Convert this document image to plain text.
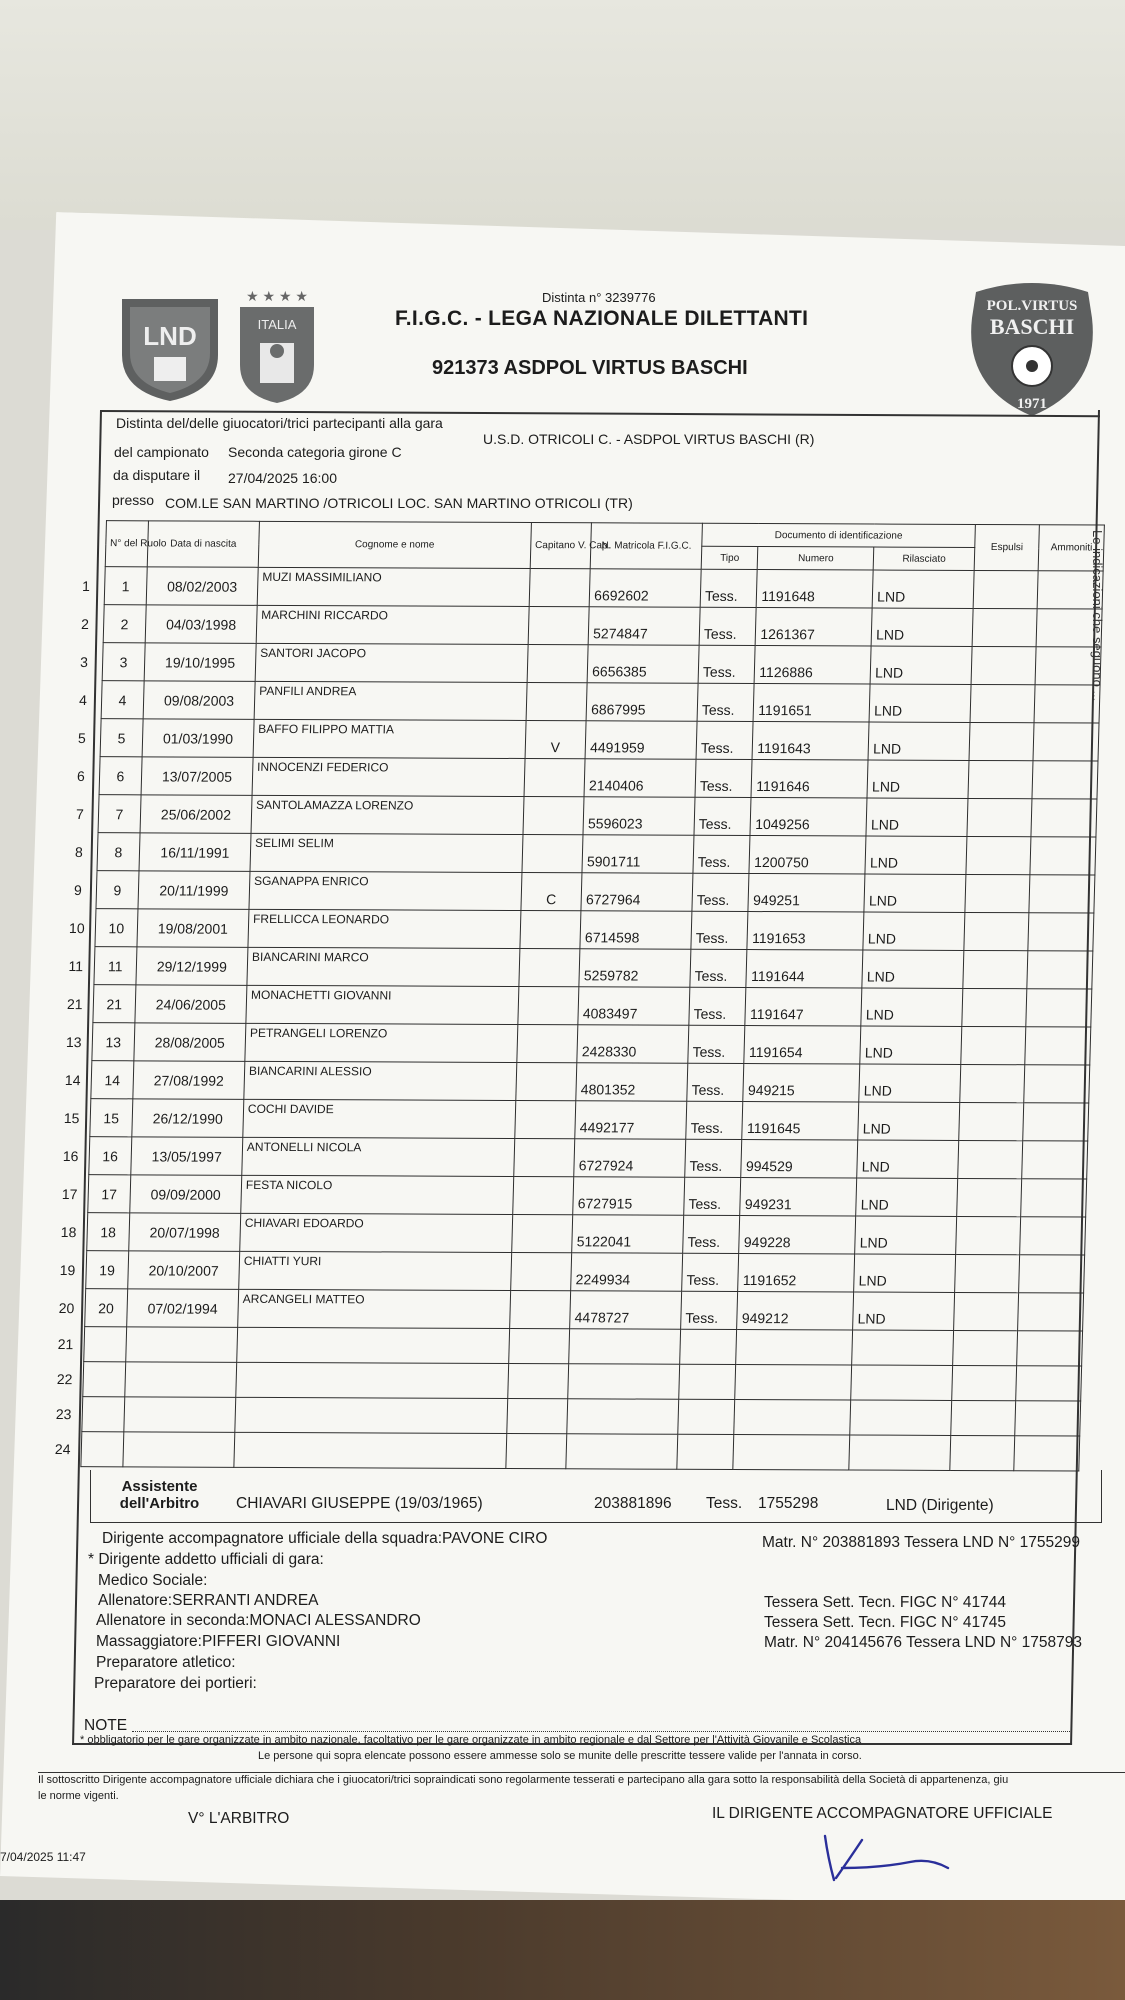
LND
★ ★ ★ ★
ITALIA
POL.VIRTUS
BASCHI
1971
Distinta n° 3239776
F.I.G.C. - LEGA NAZIONALE DILETTANTI
921373 ASDPOL VIRTUS BASCHI
Distinta del/delle giuocatori/trici partecipanti alla gara
U.S.D. OTRICOLI C. - ASDPOL VIRTUS BASCHI (R)
del campionato Seconda categoria girone C
da disputare il 27/04/2025 16:00
presso COM.LE SAN MARTINO /OTRICOLI LOC. SAN MARTINO OTRICOLI (TR)
Le indicazioni che seguono ...
	N° del Ruolo	Data di nascita	Cognome e nome	Capitano V. Cap.	N. Matricola F.I.G.C.	Documento di identificazione			Espulsi	Ammoniti
						Tipo	Numero	Rilasciato		
1	1	08/02/2003	MUZI MASSIMILIANO		6692602	Tess.	1191648	LND		
2	2	04/03/1998	MARCHINI RICCARDO		5274847	Tess.	1261367	LND		
3	3	19/10/1995	SANTORI JACOPO		6656385	Tess.	1126886	LND		
4	4	09/08/2003	PANFILI ANDREA		6867995	Tess.	1191651	LND		
5	5	01/03/1990	BAFFO FILIPPO MATTIA	V	4491959	Tess.	1191643	LND		
6	6	13/07/2005	INNOCENZI FEDERICO		2140406	Tess.	1191646	LND		
7	7	25/06/2002	SANTOLAMAZZA LORENZO		5596023	Tess.	1049256	LND		
8	8	16/11/1991	SELIMI SELIM		5901711	Tess.	1200750	LND		
9	9	20/11/1999	SGANAPPA ENRICO	C	6727964	Tess.	949251	LND		
10	10	19/08/2001	FRELLICCA LEONARDO		6714598	Tess.	1191653	LND		
11	11	29/12/1999	BIANCARINI MARCO		5259782	Tess.	1191644	LND		
21	21	24/06/2005	MONACHETTI GIOVANNI		4083497	Tess.	1191647	LND		
13	13	28/08/2005	PETRANGELI LORENZO		2428330	Tess.	1191654	LND		
14	14	27/08/1992	BIANCARINI ALESSIO		4801352	Tess.	949215	LND		
15	15	26/12/1990	COCHI DAVIDE		4492177	Tess.	1191645	LND		
16	16	13/05/1997	ANTONELLI NICOLA		6727924	Tess.	994529	LND		
17	17	09/09/2000	FESTA NICOLO		6727915	Tess.	949231	LND		
18	18	20/07/1998	CHIAVARI EDOARDO		5122041	Tess.	949228	LND		
19	19	20/10/2007	CHIATTI YURI		2249934	Tess.	1191652	LND		
20	20	07/02/1994	ARCANGELI MATTEO		4478727	Tess.	949212	LND		
21										
22										
23										
24										
Assistente dell'Arbitro	CHIAVARI GIUSEPPE (19/03/1965)	203881896 Tess. 1755298	LND (Dirigente)
Dirigente accompagnatore ufficiale della squadra:PAVONE CIRO	Matr. N° 203881893 Tessera LND N° 1755299
* Dirigente addetto ufficiali di gara:
Medico Sociale:
Allenatore:SERRANTI ANDREA	Tessera Sett. Tecn. FIGC N° 41744
Allenatore in seconda:MONACI ALESSANDRO	Tessera Sett. Tecn. FIGC N° 41745
Massaggiatore:PIFFERI GIOVANNI	Matr. N° 204145676 Tessera LND N° 1758793
Preparatore atletico:
Preparatore dei portieri:
NOTE
* obbligatorio per le gare organizzate in ambito nazionale, facoltativo per le gare organizzate in ambito regionale e dal Settore per l'Attività Giovanile e Scolastica
Le persone qui sopra elencate possono essere ammesse solo se munite delle prescritte tessere valide per l'annata in corso.
Il sottoscritto Dirigente accompagnatore ufficiale dichiara che i giuocatori/trici sopraindicati sono regolarmente tesserati e partecipano alla gara sotto la responsabilità della Società di appartenenza, giu
le norme vigenti.
V° L'ARBITRO	IL DIRIGENTE ACCOMPAGNATORE UFFICIALE
7/04/2025 11:47
